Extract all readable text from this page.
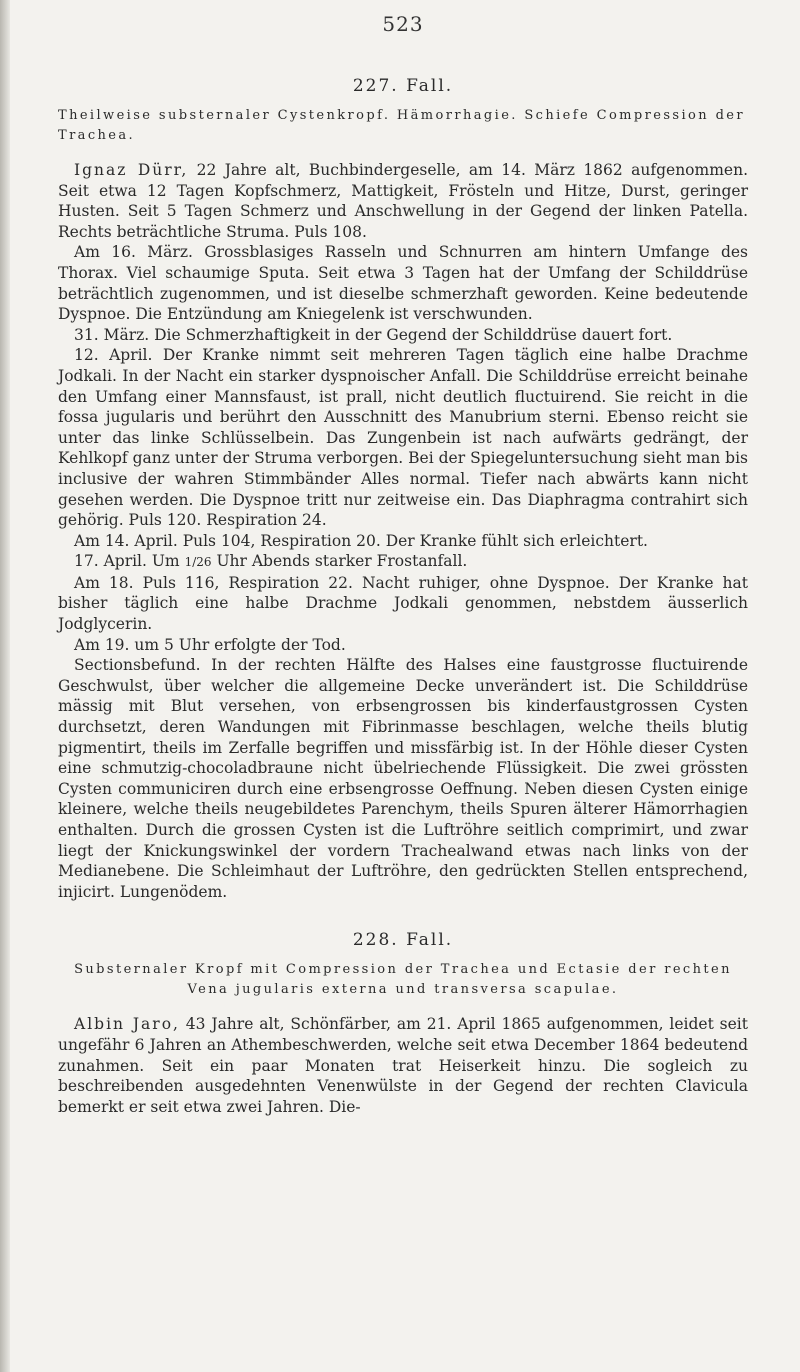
523
227. Fall.
Theilweise substernaler Cystenkropf. Hämorrhagie. Schiefe Compression der Trachea.

Ignaz Dürr, 22 Jahre alt, Buchbindergeselle, am 14. März 1862 aufgenommen. Seit etwa 12 Tagen Kopfschmerz, Mattigkeit, Frösteln und Hitze, Durst, geringer Husten. Seit 5 Tagen Schmerz und Anschwellung in der Gegend der linken Patella. Rechts beträchtliche Struma. Puls 108.

Am 16. März. Grossblasiges Rasseln und Schnurren am hintern Umfange des Thorax. Viel schaumige Sputa. Seit etwa 3 Tagen hat der Umfang der Schilddrüse beträchtlich zugenommen, und ist dieselbe schmerzhaft geworden. Keine bedeutende Dyspnoe. Die Entzündung am Kniegelenk ist verschwunden.

31. März. Die Schmerzhaftigkeit in der Gegend der Schilddrüse dauert fort.

12. April. Der Kranke nimmt seit mehreren Tagen täglich eine halbe Drachme Jodkali. In der Nacht ein starker dyspnoischer Anfall. Die Schilddrüse erreicht beinahe den Umfang einer Mannsfaust, ist prall, nicht deutlich fluctuirend. Sie reicht in die fossa jugularis und berührt den Ausschnitt des Manubrium sterni. Ebenso reicht sie unter das linke Schlüsselbein. Das Zungenbein ist nach aufwärts gedrängt, der Kehlkopf ganz unter der Struma verborgen. Bei der Spiegeluntersuchung sieht man bis inclusive der wahren Stimmbänder Alles normal. Tiefer nach abwärts kann nicht gesehen werden. Die Dyspnoe tritt nur zeitweise ein. Das Diaphragma contrahirt sich gehörig. Puls 120. Respiration 24.

Am 14. April. Puls 104, Respiration 20. Der Kranke fühlt sich erleichtert.

17. April. Um 1/26 Uhr Abends starker Frostanfall.

Am 18. Puls 116, Respiration 22. Nacht ruhiger, ohne Dyspnoe. Der Kranke hat bisher täglich eine halbe Drachme Jodkali genommen, nebstdem äusserlich Jodglycerin.

Am 19. um 5 Uhr erfolgte der Tod.

Sectionsbefund. In der rechten Hälfte des Halses eine faustgrosse fluctuirende Geschwulst, über welcher die allgemeine Decke unverändert ist. Die Schilddrüse mässig mit Blut versehen, von erbsengrossen bis kinderfaustgrossen Cysten durchsetzt, deren Wandungen mit Fibrinmasse beschlagen, welche theils blutig pigmentirt, theils im Zerfalle begriffen und missfärbig ist. In der Höhle dieser Cysten eine schmutzig-chocoladbraune nicht übelriechende Flüssigkeit. Die zwei grössten Cysten communiciren durch eine erbsengrosse Oeffnung. Neben diesen Cysten einige kleinere, welche theils neugebildetes Parenchym, theils Spuren älterer Hämorrhagien enthalten. Durch die grossen Cysten ist die Luftröhre seitlich comprimirt, und zwar liegt der Knickungswinkel der vordern Trachealwand etwas nach links von der Medianebene. Die Schleimhaut der Luftröhre, den gedrückten Stellen entsprechend, injicirt. Lungenödem.

228. Fall.
Substernaler Kropf mit Compression der Trachea und Ectasie der rechten Vena jugularis externa und transversa scapulae.

Albin Jaro, 43 Jahre alt, Schönfärber, am 21. April 1865 aufgenommen, leidet seit ungefähr 6 Jahren an Athembeschwerden, welche seit etwa December 1864 bedeutend zunahmen. Seit ein paar Monaten trat Heiserkeit hinzu. Die sogleich zu beschreibenden ausgedehnten Venenwülste in der Gegend der rechten Clavicula bemerkt er seit etwa zwei Jahren. Die-
